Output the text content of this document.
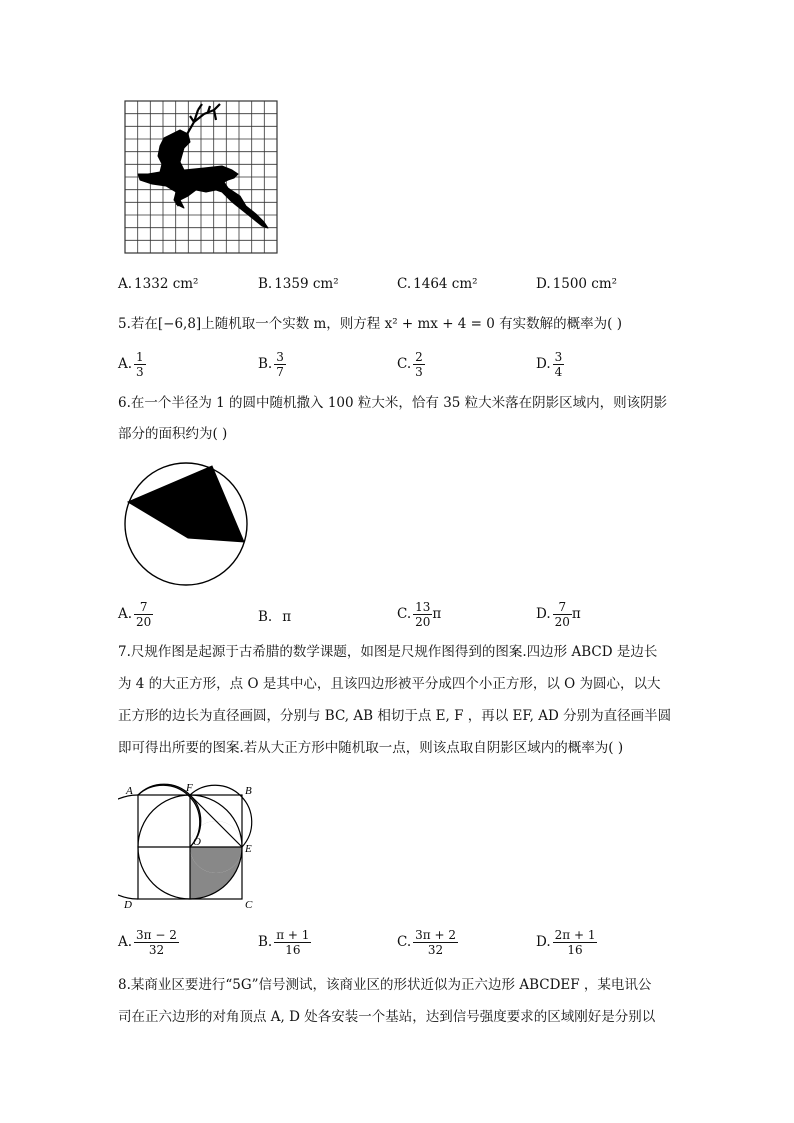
A. 1332 cm²	B. 1359 cm²	C. 1464 cm²	D. 1500 cm²
5.若在[−6,8]上随机取一个实数 m，则方程 x² + mx + 4 = 0 有实数解的概率为( )
A. $\frac{1}{3}$	B. $\frac{3}{7}$	C. $\frac{2}{3}$	D. $\frac{3}{4}$
6.在一个半径为 1 的圆中随机撒入 100 粒大米，恰有 35 粒大米落在阴影区域内，则该阴影
部分的面积约为( )
A. $\frac{7}{20}$	B. π	C. $\frac{13}{20}$ π	D. $\frac{7}{20}$ π
7.尺规作图是起源于古希腊的数学课题，如图是尺规作图得到的图案.四边形 ABCD 是边长
为 4 的大正方形，点 O 是其中心，且该四边形被平分成四个小正方形，以 O 为圆心，以大
正方形的边长为直径画圆，分别与 BC, AB 相切于点 E, F ，再以 EF, AD 分别为直径画半圆
即可得出所要的图案.若从大正方形中随机取一点，则该点取自阴影区域内的概率为( )
A	B
C
D
E
F
O
A. $\frac{3\pi - 2}{32}$	B. $\frac{\pi + 1}{16}$	C. $\frac{3\pi + 2}{32}$	D. $\frac{2\pi + 1}{16}$
8.某商业区要进行“5G”信号测试，该商业区的形状近似为正六边形 ABCDEF ，某电讯公
司在正六边形的对角顶点 A, D 处各安装一个基站，达到信号强度要求的区域刚好是分别以
